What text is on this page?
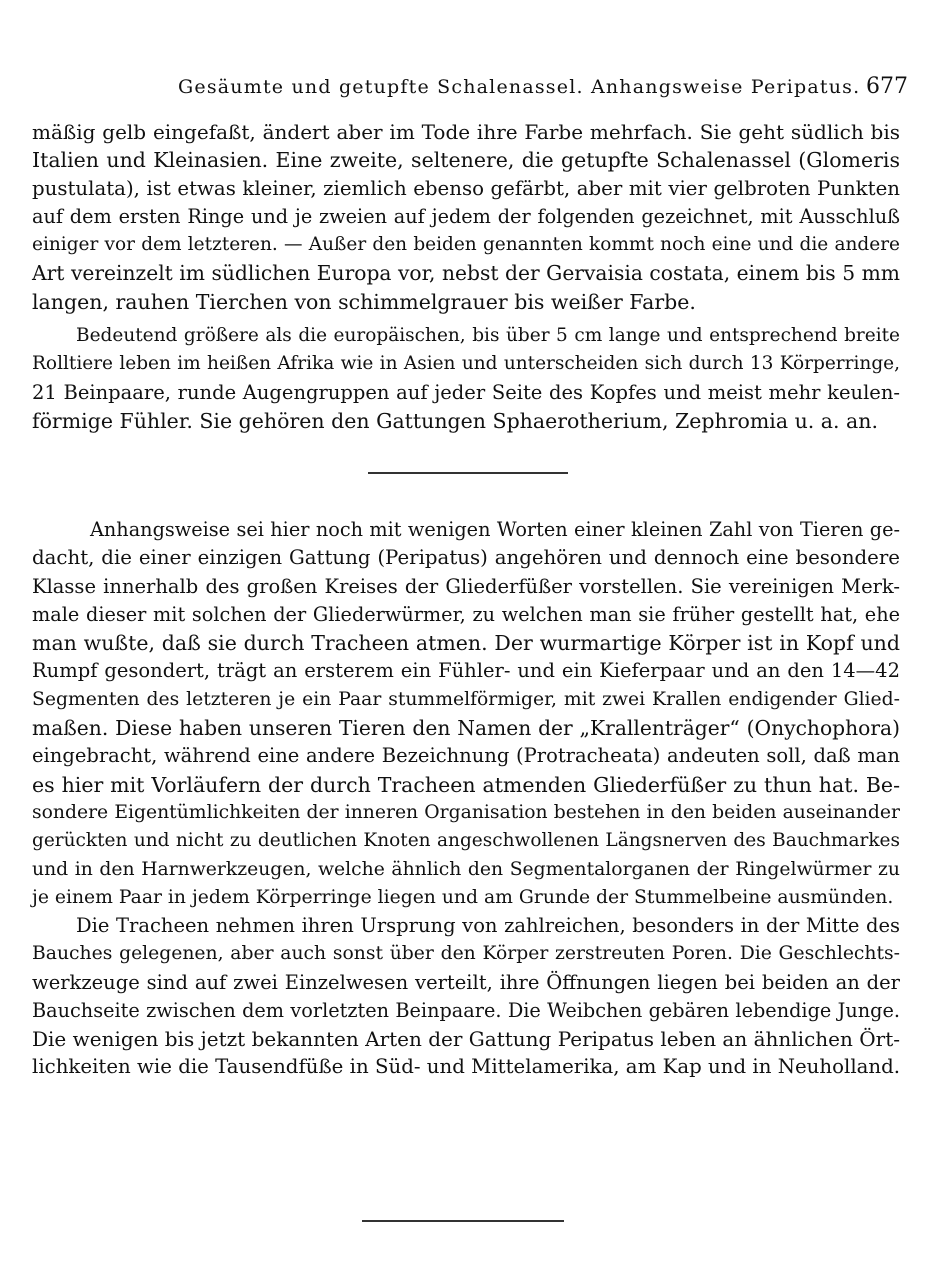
Gesäumte und getupfte Schalenassel. Anhangsweise Peripatus. 677
mäßig gelb eingefaßt, ändert aber im Tode ihre Farbe mehrfach. Sie geht südlich bis
Italien und Kleinasien. Eine zweite, seltenere, die getupfte Schalenassel (Glomeris
pustulata), ist etwas kleiner, ziemlich ebenso gefärbt, aber mit vier gelbroten Punkten
auf dem ersten Ringe und je zweien auf jedem der folgenden gezeichnet, mit Ausschluß
einiger vor dem letzteren. — Außer den beiden genannten kommt noch eine und die andere
Art vereinzelt im südlichen Europa vor, nebst der Gervaisia costata, einem bis 5 mm
langen, rauhen Tierchen von schimmelgrauer bis weißer Farbe.
Bedeutend größere als die europäischen, bis über 5 cm lange und entsprechend breite
Rolltiere leben im heißen Afrika wie in Asien und unterscheiden sich durch 13 Körperringe,
21 Beinpaare, runde Augengruppen auf jeder Seite des Kopfes und meist mehr keulen-
förmige Fühler. Sie gehören den Gattungen Sphaerotherium, Zephromia u. a. an.
Anhangsweise sei hier noch mit wenigen Worten einer kleinen Zahl von Tieren ge-
dacht, die einer einzigen Gattung (Peripatus) angehören und dennoch eine besondere
Klasse innerhalb des großen Kreises der Gliederfüßer vorstellen. Sie vereinigen Merk-
male dieser mit solchen der Gliederwürmer, zu welchen man sie früher gestellt hat, ehe
man wußte, daß sie durch Tracheen atmen. Der wurmartige Körper ist in Kopf und
Rumpf gesondert, trägt an ersterem ein Fühler- und ein Kieferpaar und an den 14—42
Segmenten des letzteren je ein Paar stummelförmiger, mit zwei Krallen endigender Glied-
maßen. Diese haben unseren Tieren den Namen der „Krallenträger“ (Onychophora)
eingebracht, während eine andere Bezeichnung (Protracheata) andeuten soll, daß man
es hier mit Vorläufern der durch Tracheen atmenden Gliederfüßer zu thun hat. Be-
sondere Eigentümlichkeiten der inneren Organisation bestehen in den beiden auseinander
gerückten und nicht zu deutlichen Knoten angeschwollenen Längsnerven des Bauchmarkes
und in den Harnwerkzeugen, welche ähnlich den Segmentalorganen der Ringelwürmer zu
je einem Paar in jedem Körperringe liegen und am Grunde der Stummelbeine ausmünden.
Die Tracheen nehmen ihren Ursprung von zahlreichen, besonders in der Mitte des
Bauches gelegenen, aber auch sonst über den Körper zerstreuten Poren. Die Geschlechts-
werkzeuge sind auf zwei Einzelwesen verteilt, ihre Öffnungen liegen bei beiden an der
Bauchseite zwischen dem vorletzten Beinpaare. Die Weibchen gebären lebendige Junge.
Die wenigen bis jetzt bekannten Arten der Gattung Peripatus leben an ähnlichen Ört-
lichkeiten wie die Tausendfüße in Süd- und Mittelamerika, am Kap und in Neuholland.
